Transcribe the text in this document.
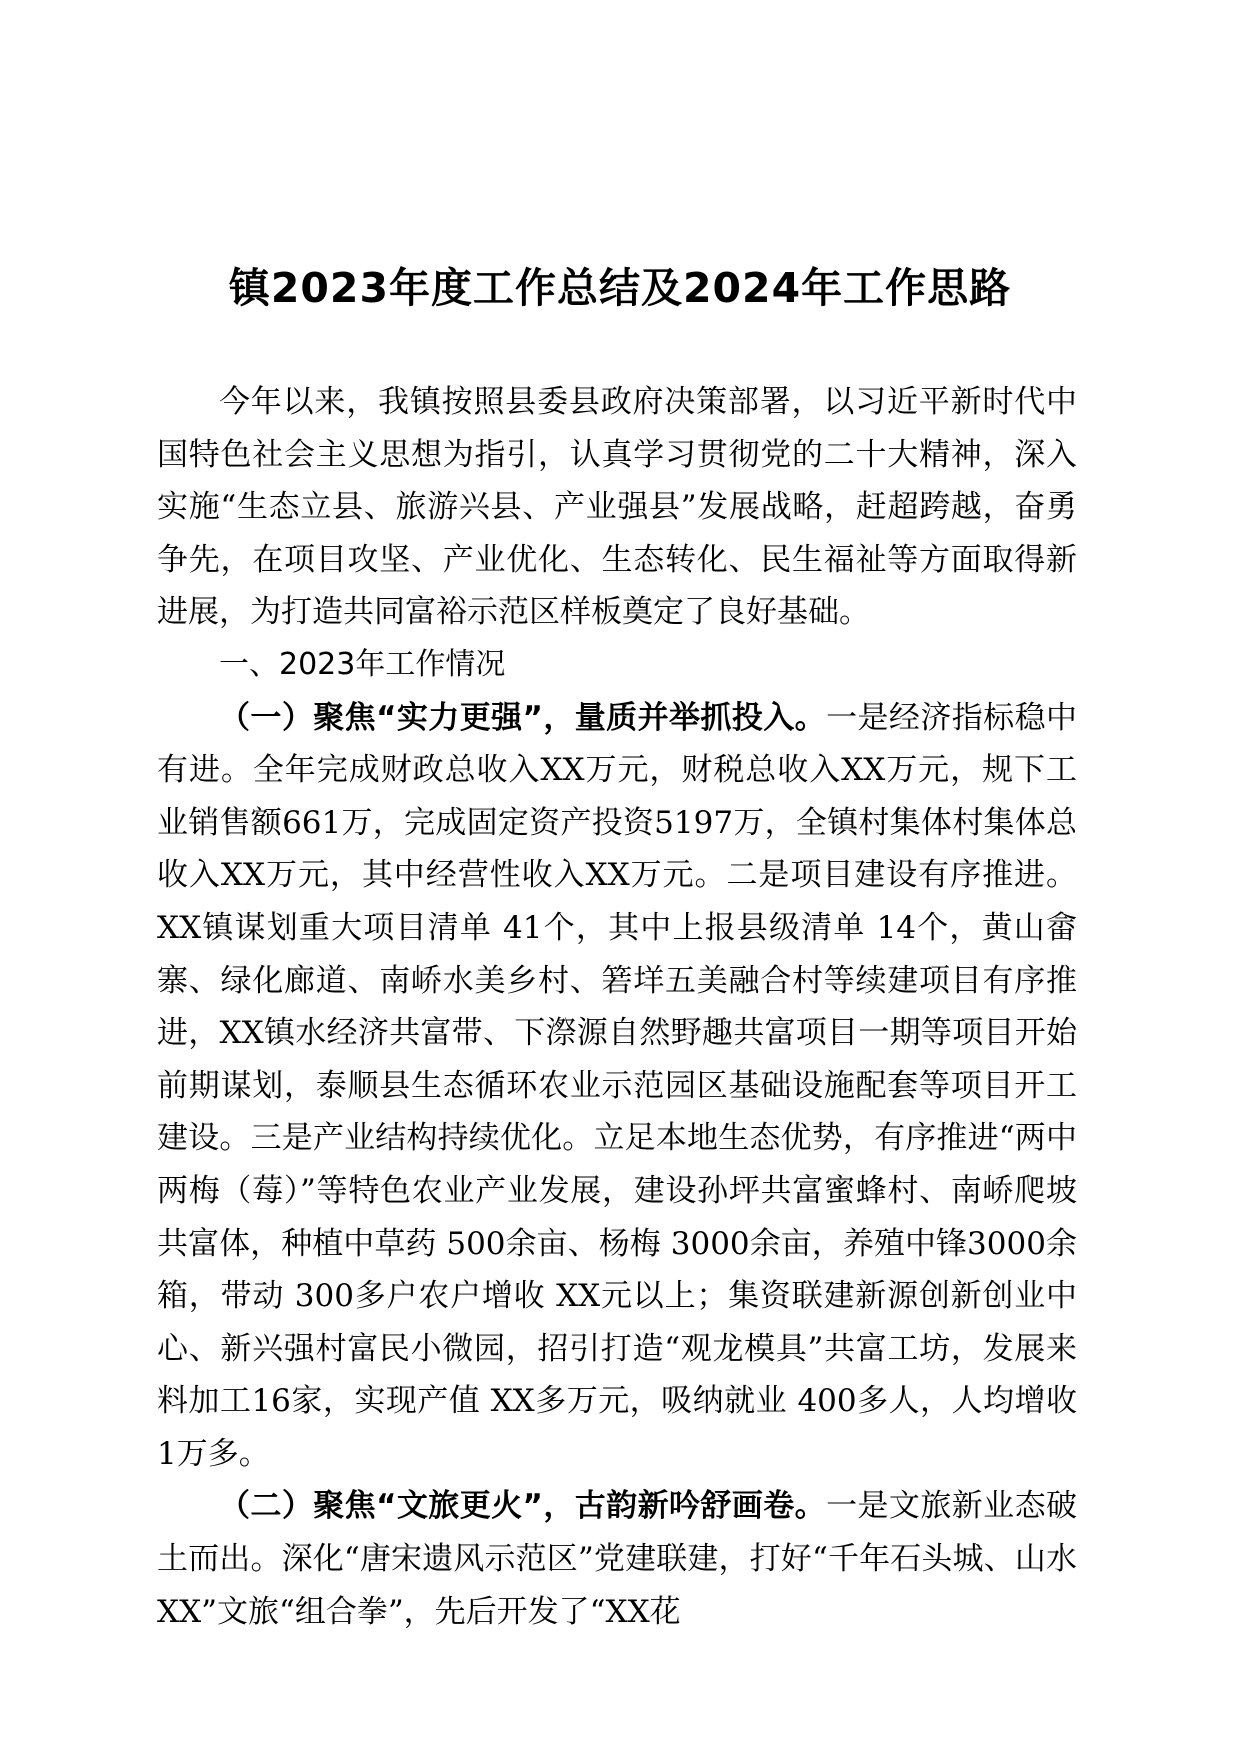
镇2023年度工作总结及2024年工作思路

今年以来，我镇按照县委县政府决策部署，以习近平新时代中国特色社会主义思想为指引，认真学习贯彻党的二十大精神，深入实施“生态立县、旅游兴县、产业强县”发展战略，赶超跨越，奋勇争先，在项目攻坚、产业优化、生态转化、民生福祉等方面取得新进展，为打造共同富裕示范区样板奠定了良好基础。

一、2023年工作情况

（一）聚焦“实力更强”，量质并举抓投入。一是经济指标稳中有进。全年完成财政总收入XX万元，财税总收入XX万元，规下工业销售额661万，完成固定资产投资5197万，全镇村集体村集体总收入XX万元，其中经营性收入XX万元。二是项目建设有序推进。XX镇谋划重大项目清单 41个，其中上报县级清单 14个，黄山畲寨、绿化廊道、南峤水美乡村、箬垟五美融合村等续建项目有序推进，XX镇水经济共富带、下漈源自然野趣共富项目一期等项目开始前期谋划，泰顺县生态循环农业示范园区基础设施配套等项目开工建设。三是产业结构持续优化。立足本地生态优势，有序推进“两中两梅（莓）”等特色农业产业发展，建设孙坪共富蜜蜂村、南峤爬坡共富体，种植中草药 500余亩、杨梅 3000余亩，养殖中锋3000余箱，带动 300多户农户增收 XX元以上；集资联建新源创新创业中心、新兴强村富民小微园，招引打造“观龙模具”共富工坊，发展来料加工16家，实现产值 XX多万元，吸纳就业 400多人，人均增收1万多。

（二）聚焦“文旅更火”，古韵新吟舒画卷。一是文旅新业态破土而出。深化“唐宋遗风示范区”党建联建，打好“千年石头城、山水XX”文旅“组合拳”，先后开发了“XX花
